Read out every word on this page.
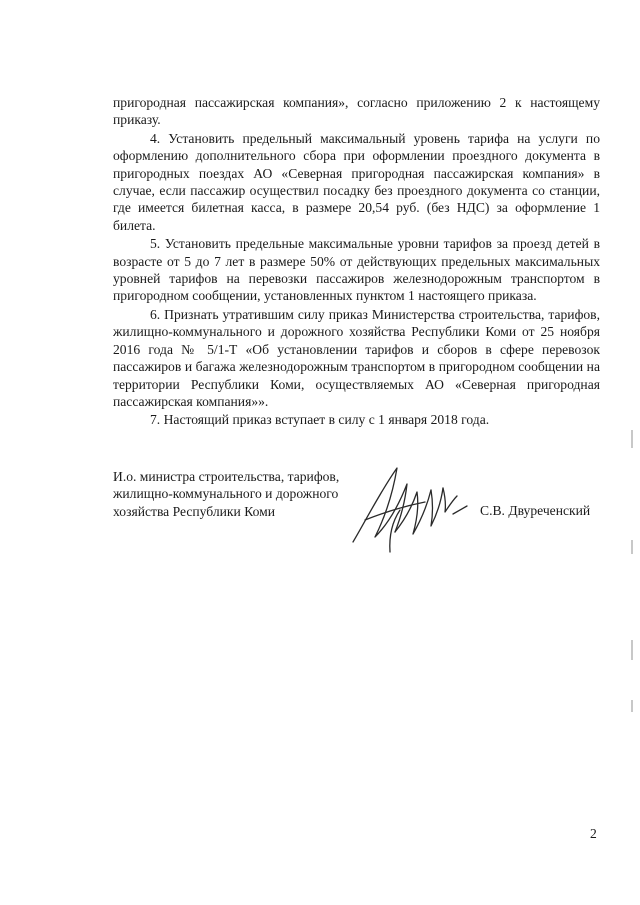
пригородная пассажирская компания», согласно приложению 2 к настоящему приказу.

4. Установить предельный максимальный уровень тарифа на услуги по оформлению дополнительного сбора при оформлении проездного документа в пригородных поездах АО «Северная пригородная пассажирская компания» в случае, если пассажир осуществил посадку без проездного документа со станции, где имеется билетная касса, в размере 20,54 руб. (без НДС) за оформление 1 билета.

5. Установить предельные максимальные уровни тарифов за проезд детей в возрасте от 5 до 7 лет в размере 50% от действующих предельных максимальных уровней тарифов на перевозки пассажиров железнодорожным транспортом в пригородном сообщении, установленных пунктом 1 настоящего приказа.

6. Признать утратившим силу приказ Министерства строительства, тарифов, жилищно-коммунального и дорожного хозяйства Республики Коми от 25 ноября 2016 года № 5/1-Т «Об установлении тарифов и сборов в сфере перевозок пассажиров и багажа железнодорожным транспортом в пригородном сообщении на территории Республики Коми, осуществляемых АО «Северная пригородная пассажирская компания»».

7. Настоящий приказ вступает в силу с 1 января 2018 года.

И.о. министра строительства, тарифов,
жилищно-коммунального и дорожного
хозяйства Республики Коми	С.В. Двуреченский
2
